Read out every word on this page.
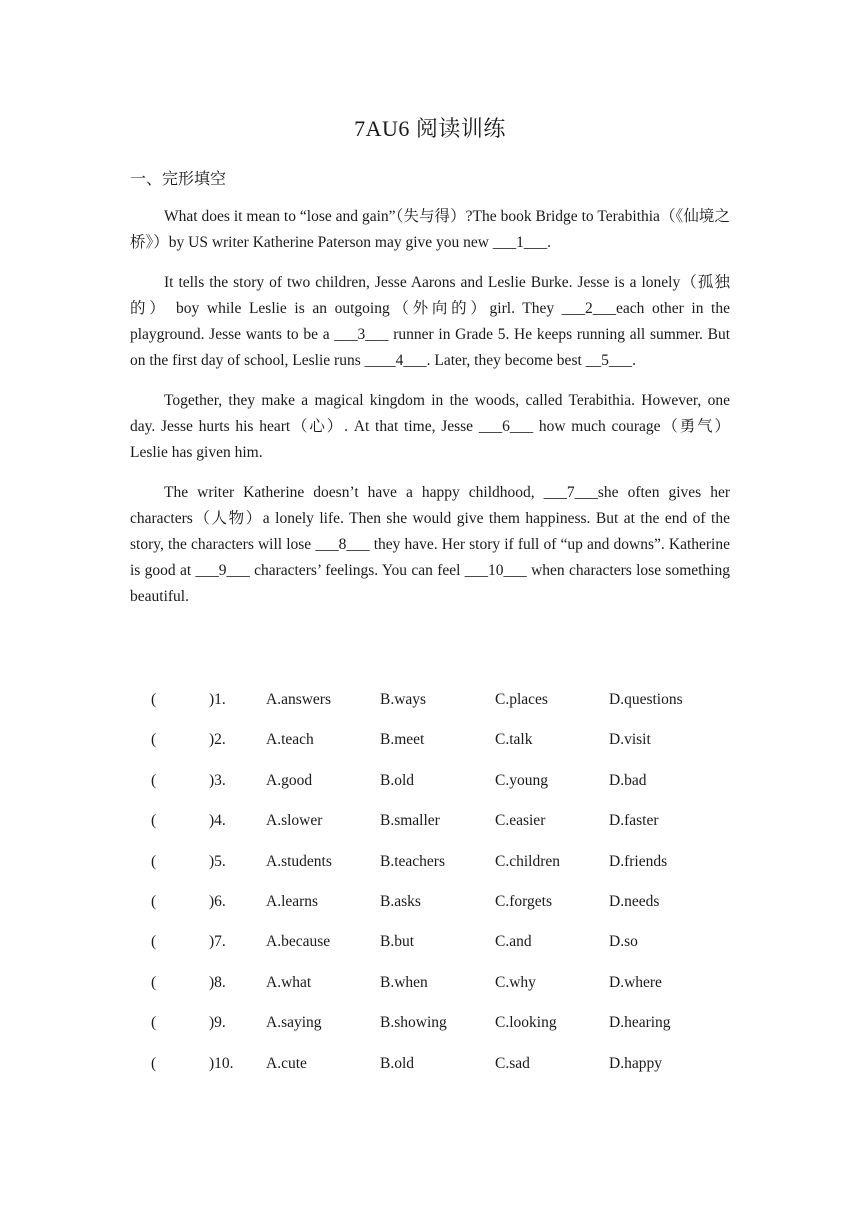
7AU6 阅读训练
一、完形填空

What does it mean to “lose and gain”（失与得）?The book Bridge to Terabithia（《仙境之桥》）by US writer Katherine Paterson may give you new ___1___.

It tells the story of two children, Jesse Aarons and Leslie Burke. Jesse is a lonely（孤独的） boy while Leslie is an outgoing（外向的）girl. They ___2___each other in the playground. Jesse wants to be a ___3___ runner in Grade 5. He keeps running all summer. But on the first day of school, Leslie runs ____4___. Later, they become best __5___.

Together, they make a magical kingdom in the woods, called Terabithia. However, one day. Jesse hurts his heart（心）. At that time, Jesse ___6___ how much courage（勇气）Leslie has given him.

The writer Katherine doesn’t have a happy childhood, ___7___she often gives her characters（人物）a lonely life. Then she would give them happiness. But at the end of the story, the characters will lose ___8___ they have. Her story if full of “up and downs”. Katherine is good at ___9___ characters’ feelings. You can feel ___10___ when characters lose something beautiful.

(	)1.	A.answers	B.ways	C.places	D.questions
(	)2.	A.teach	B.meet	C.talk	D.visit
(	)3.	A.good	B.old	C.young	D.bad
(	)4.	A.slower	B.smaller	C.easier	D.faster
(	)5.	A.students	B.teachers	C.children	D.friends
(	)6.	A.learns	B.asks	C.forgets	D.needs
(	)7.	A.because	B.but	C.and	D.so
(	)8.	A.what	B.when	C.why	D.where
(	)9.	A.saying	B.showing	C.looking	D.hearing
(	)10. A.cute	B.old	C.sad	D.happy
